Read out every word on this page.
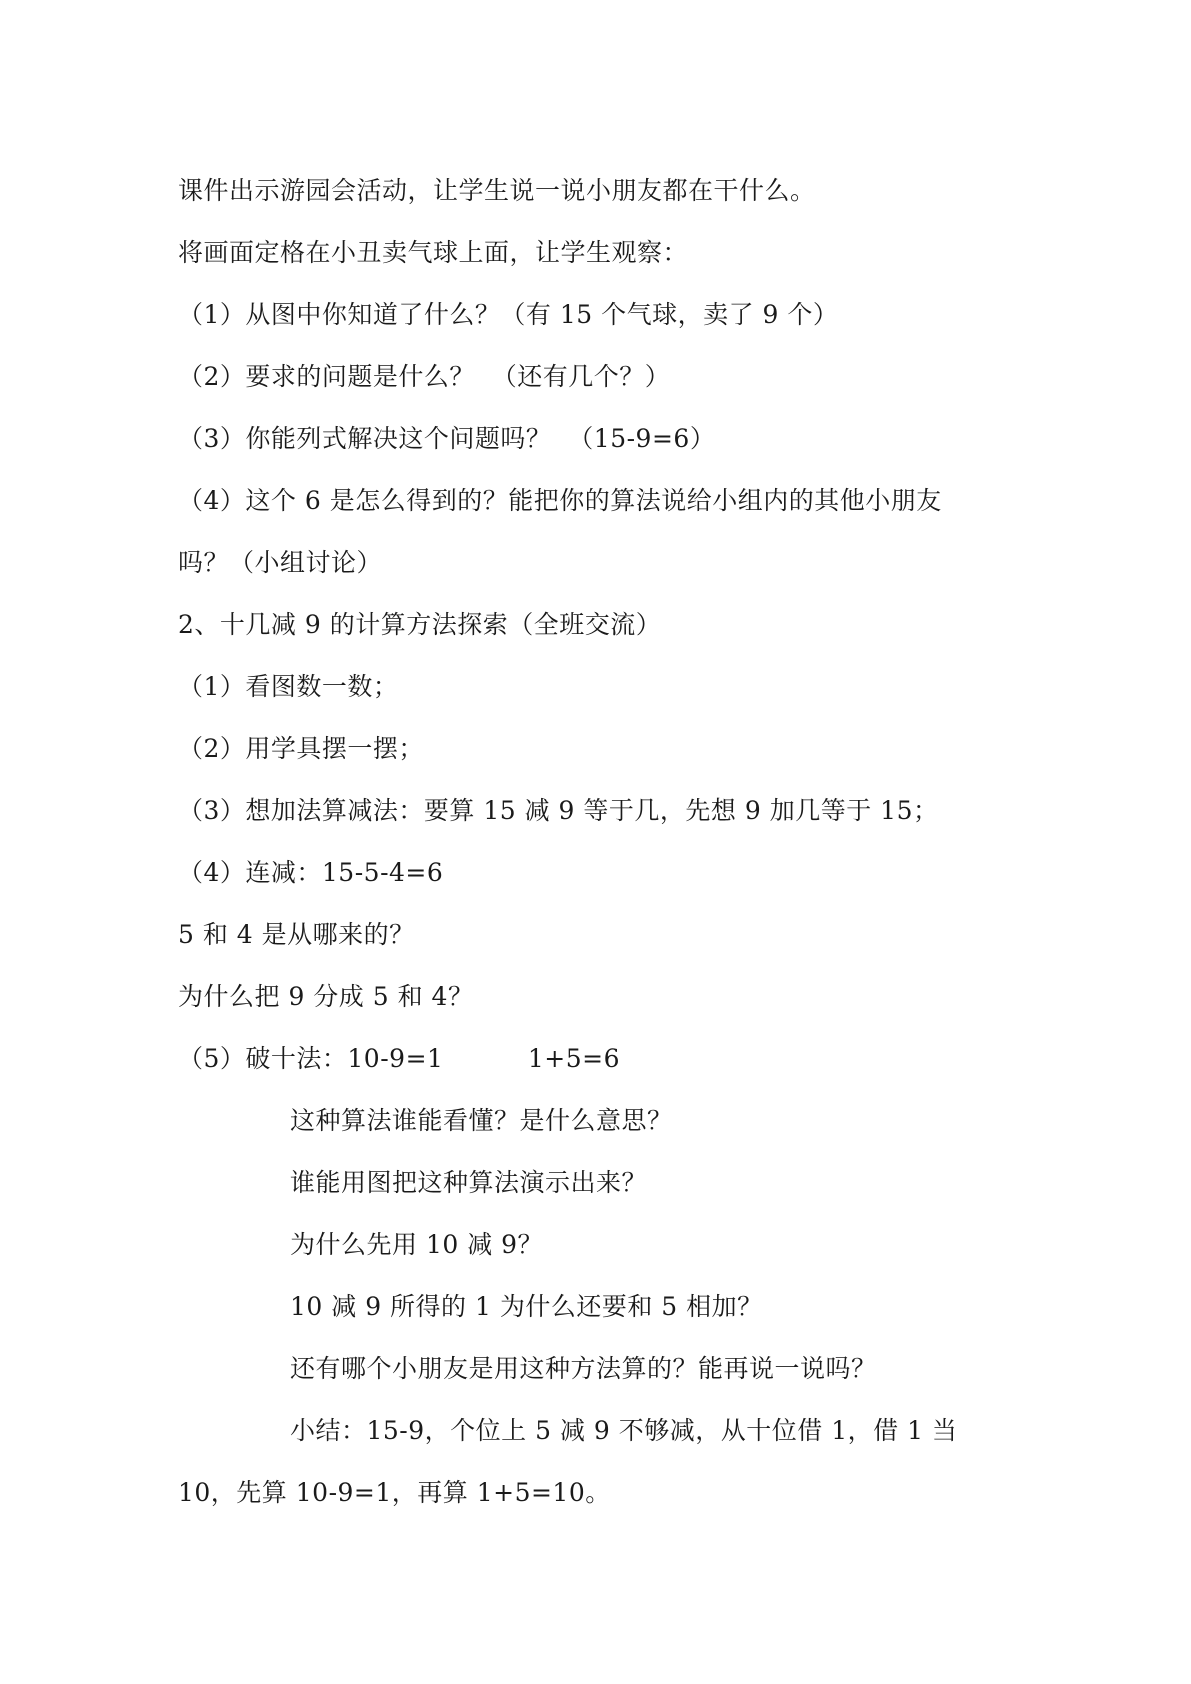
课件出示游园会活动，让学生说一说小朋友都在干什么。

将画面定格在小丑卖气球上面，让学生观察：

（1）从图中你知道了什么？（有 15 个气球，卖了 9 个）

（2）要求的问题是什么？  （还有几个？）

（3）你能列式解决这个问题吗？  （15-9=6）

（4）这个 6 是怎么得到的？能把你的算法说给小组内的其他小朋友

吗？（小组讨论）

2、十几减 9 的计算方法探索（全班交流）

（1）看图数一数；

（2）用学具摆一摆；

（3）想加法算减法：要算 15 减 9 等于几，先想 9 加几等于 15；

（4）连减：15-5-4=6

5 和 4 是从哪来的？

为什么把 9 分成 5 和 4？

（5）破十法：10-9=1          1+5=6

这种算法谁能看懂？是什么意思？

谁能用图把这种算法演示出来？

为什么先用 10 减 9？

10 减 9 所得的 1 为什么还要和 5 相加？

还有哪个小朋友是用这种方法算的？能再说一说吗？

小结：15-9，个位上 5 减 9 不够减，从十位借 1，借 1 当

10，先算 10-9=1，再算 1+5=10。
